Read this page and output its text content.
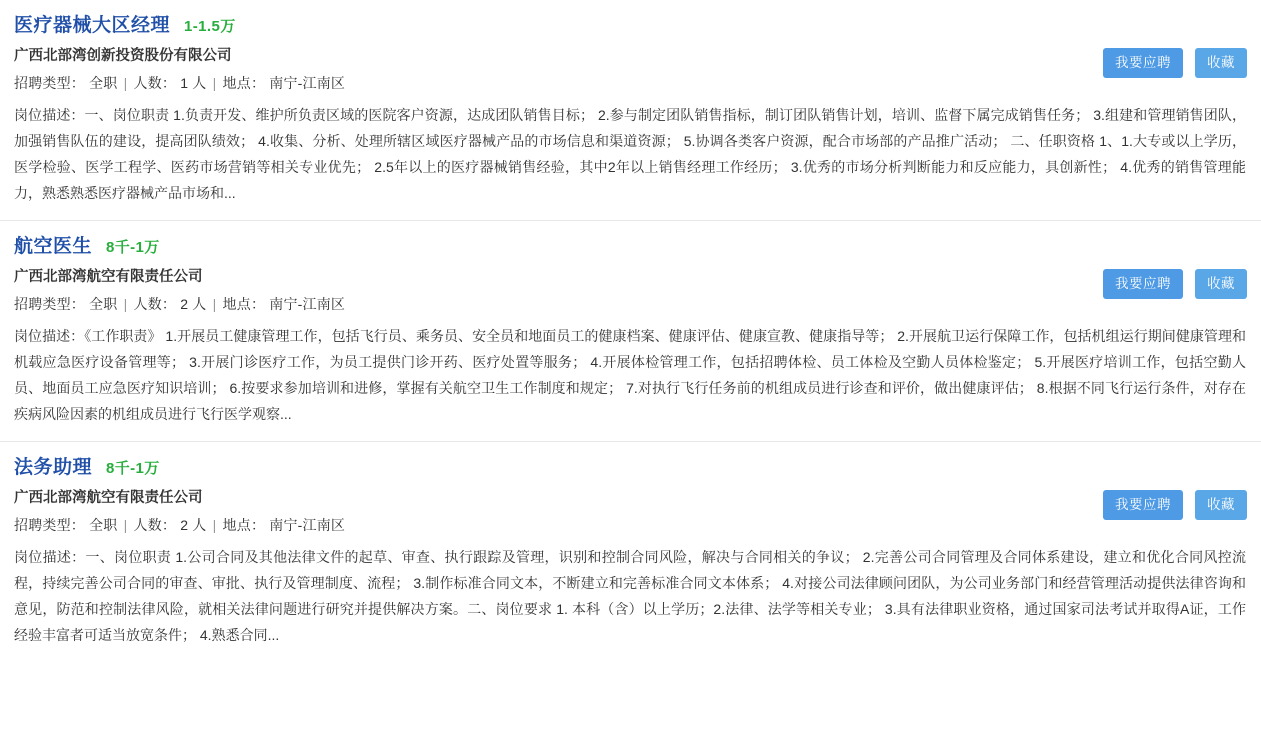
医疗器械大区经理 1-1.5万
广西北部湾创新投资股份有限公司
招聘类型： 全职 | 人数： 1 人 | 地点： 南宁-江南区
岗位描述：一、岗位职责 1.负责开发、维护所负责区域的医院客户资源，达成团队销售目标； 2.参与制定团队销售指标，制订团队销售计划，培训、监督下属完成销售任务； 3.组建和管理销售团队，加强销售队伍的建设，提高团队绩效； 4.收集、分析、处理所辖区域医疗器械产品的市场信息和渠道资源； 5.协调各类客户资源，配合市场部的产品推广活动； 二、任职资格 1、1.大专或以上学历，医学检验、医学工程学、医药市场营销等相关专业优先； 2.5年以上的医疗器械销售经验，其中2年以上销售经理工作经历； 3.优秀的市场分析判断能力和反应能力，具创新性； 4.优秀的销售管理能力，熟悉熟悉医疗器械产品市场和...
我要应聘	收藏
航空医生 8千-1万
广西北部湾航空有限责任公司
招聘类型： 全职 | 人数： 2 人 | 地点： 南宁-江南区
岗位描述：《工作职责》 1.开展员工健康管理工作，包括飞行员、乘务员、安全员和地面员工的健康档案、健康评估、健康宣教、健康指导等； 2.开展航卫运行保障工作，包括机组运行期间健康管理和机载应急医疗设备管理等； 3.开展门诊医疗工作，为员工提供门诊开药、医疗处置等服务； 4.开展体检管理工作，包括招聘体检、员工体检及空勤人员体检鉴定； 5.开展医疗培训工作，包括空勤人员、地面员工应急医疗知识培训； 6.按要求参加培训和进修，掌握有关航空卫生工作制度和规定； 7.对执行飞行任务前的机组成员进行诊查和评价，做出健康评估； 8.根据不同飞行运行条件，对存在疾病风险因素的机组成员进行飞行医学观察...
我要应聘	收藏
法务助理 8千-1万
广西北部湾航空有限责任公司
招聘类型： 全职 | 人数： 2 人 | 地点： 南宁-江南区
岗位描述：一、岗位职责 1.公司合同及其他法律文件的起草、审查、执行跟踪及管理，识别和控制合同风险，解决与合同相关的争议； 2.完善公司合同管理及合同体系建设，建立和优化合同风控流程，持续完善公司合同的审查、审批、执行及管理制度、流程； 3.制作标准合同文本，不断建立和完善标准合同文本体系； 4.对接公司法律顾问团队，为公司业务部门和经营管理活动提供法律咨询和意见，防范和控制法律风险，就相关法律问题进行研究并提供解决方案。二、岗位要求 1. 本科（含）以上学历；2.法律、法学等相关专业； 3.具有法律职业资格，通过国家司法考试并取得A证，工作经验丰富者可适当放宽条件； 4.熟悉合同...
我要应聘	收藏
